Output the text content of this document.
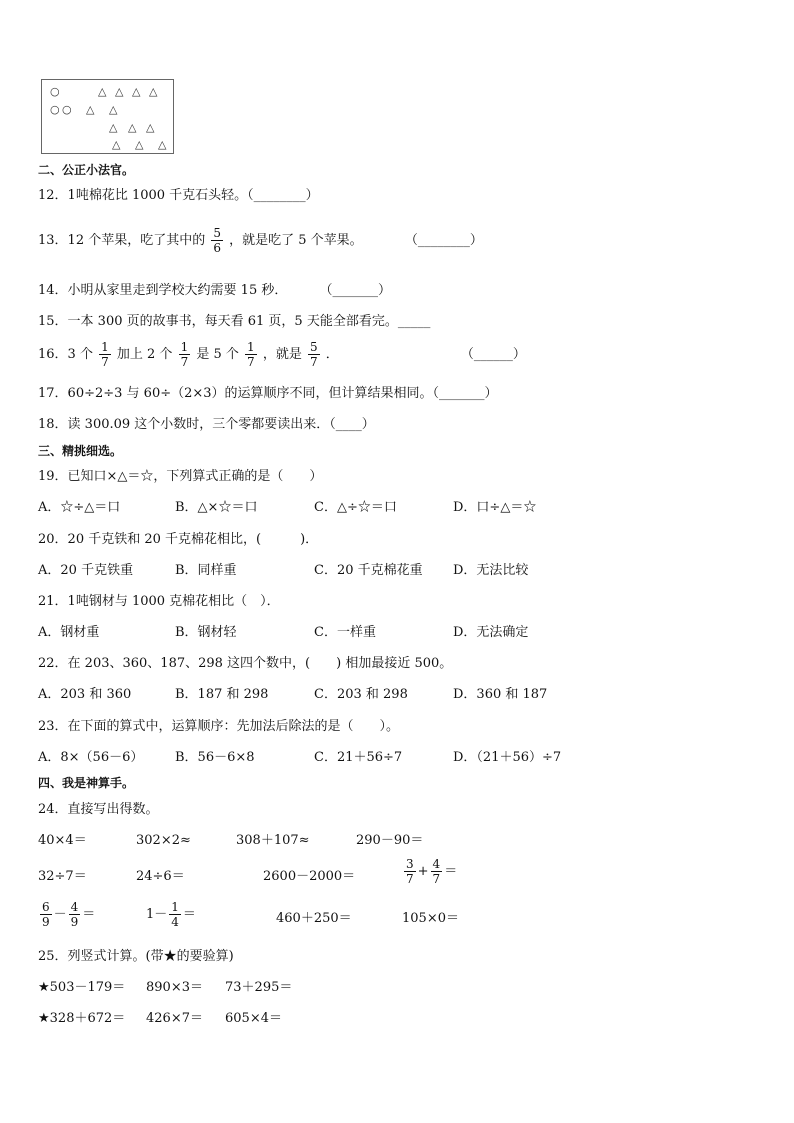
○	△ △ △ △
○ ○ △ △
△ △ △
△ △ △
二、公正小法官。
12．1吨棉花比 1000 千克石头轻。（________）
13．12 个苹果，吃了其中的 $\frac{5}{6}$ ，就是吃了 5 个苹果。	（________）
14．小明从家里走到学校大约需要 15 秒． （_______）
15．一本 300 页的故事书，每天看 61 页，5 天能全部看完。_____
16．3 个 $\frac{1}{7}$ 加上 2 个 $\frac{1}{7}$ 是 5 个 $\frac{1}{7}$ ，就是 $\frac{5}{7}$ ．	（______）
17．60÷2÷3 与 60÷（2×3）的运算顺序不同，但计算结果相同。（_______）
18．读 300.09 这个小数时，三个零都要读出来．（____）
三、精挑细选。
19．已知口×△＝☆，下列算式正确的是（　　）
A．☆÷△＝口	B．△×☆＝口	C．△÷☆＝口	D．口÷△＝☆
20．20 千克铁和 20 千克棉花相比，(　　　)．
A．20 千克铁重	B．同样重	C．20 千克棉花重 D．无法比较
21．1吨钢材与 1000 克棉花相比（　）．
A．钢材重	B．钢材轻	C．一样重	D．无法确定
22．在 203、360、187、298 这四个数中，(　　) 相加最接近 500。
A．203 和 360	B．187 和 298	C．203 和 298	D．360 和 187
23．在下面的算式中，运算顺序：先加法后除法的是（　　）。
A．8×（56－6） B．56－6×8	C．21＋56÷7	D．（21＋56）÷7
四、我是神算手。
24．直接写出得数。
40×4＝	302×2≈	308＋107≈	290－90＝
32÷7＝	24÷6＝	2600－2000＝	$\frac{3}{7} + \frac{4}{7}$ ＝
$\frac{6}{9} - \frac{4}{9}$ ＝	$1- \frac{1}{4}$ ＝	460＋250＝	105×0＝
25．列竖式计算。(带★的要验算)
★503－179＝ 890×3＝ 73＋295＝
★328＋672＝ 426×7＝ 605×4＝
